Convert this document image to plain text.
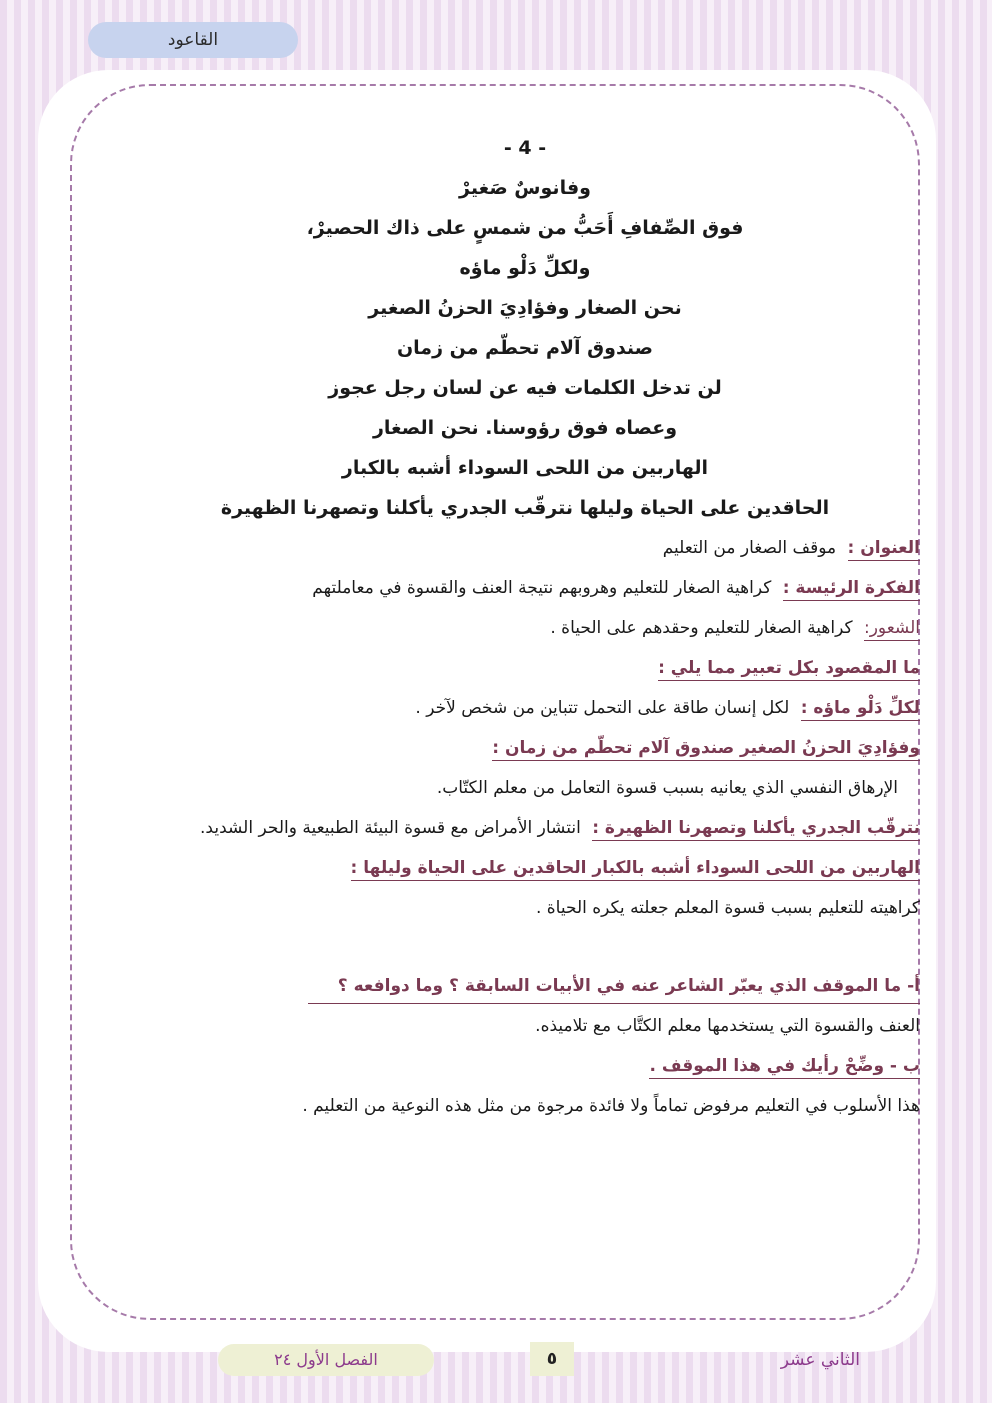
القاعود
- 4 -
وفانوسٌ صَغيرْ
فوق الصِّفافِ أَحَبُّ من شمسٍ على ذاك الحصيرْ،
ولكلِّ دَلْو ماؤه
نحن الصغار وفؤادِيَ الحزنُ الصغير
صندوق آلام تحطّم من زمان
لن تدخل الكلمات فيه عن لسان رجل عجوز
وعصاه فوق رؤوسنا. نحن الصغار
الهاربين من اللحى السوداء أشبه بالكبار
الحاقدين على الحياة وليلها نترقّب الجدري يأكلنا وتصهرنا الظهيرة
العنوان : موقف الصغار من التعليم
الفكرة الرئيسة : كراهية الصغار للتعليم وهروبهم نتيجة العنف والقسوة في معاملتهم
الشعور: كراهية الصغار للتعليم وحقدهم على الحياة .
ما المقصود بكل تعبير مما يلي :
لكلِّ دَلْو ماؤه : لكل إنسان طاقة على التحمل تتباين من شخص لآخر .
وفؤادِيَ الحزنُ الصغير صندوق آلام تحطّم من زمان :
الإرهاق النفسي الذي يعانيه بسبب قسوة التعامل من معلم الكتّاب.
نترقّب الجدري يأكلنا وتصهرنا الظهيرة : انتشار الأمراض مع قسوة البيئة الطبيعية والحر الشديد.
الهاربين من اللحى السوداء أشبه بالكبار الحاقدين على الحياة وليلها :
كراهيته للتعليم بسبب قسوة المعلم جعلته يكره الحياة .
أ- ما الموقف الذي يعبّر الشاعر عنه في الأبيات السابقة ؟ وما دوافعه ؟
العنف والقسوة التي يستخدمها معلم الكتَّاب مع تلاميذه.
ب - وضِّحْ رأيك في هذا الموقف .
هذا الأسلوب في التعليم مرفوض تماماً ولا فائدة مرجوة من مثل هذه النوعية من التعليم .
الفصل الأول ٢٤	٥	الثاني عشر
